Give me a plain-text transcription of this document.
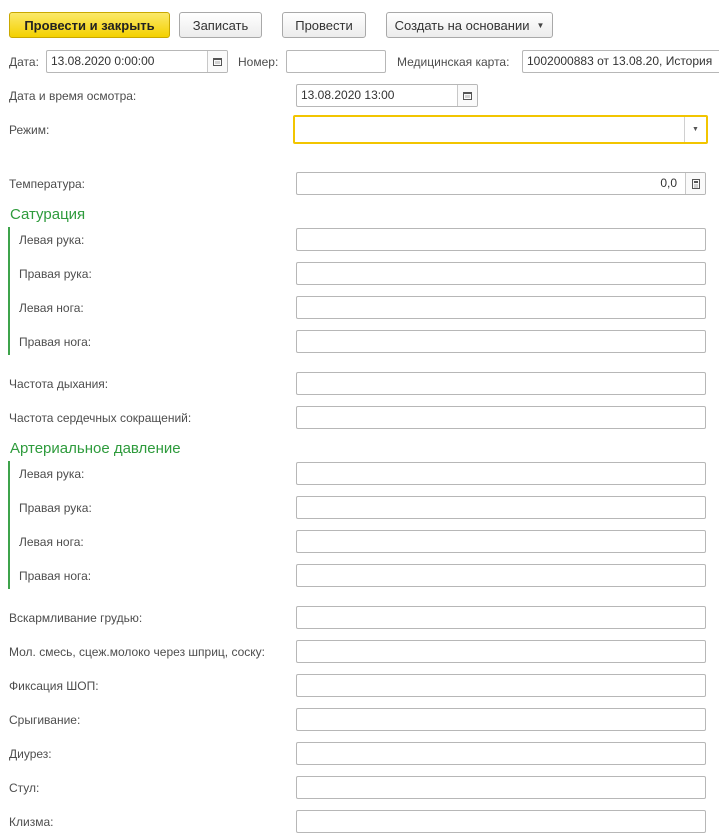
Провести и закрыть	Записать	Провести	Создать на основании ▼
Дата: 13.08.2020 0:00:00	Номер:	Медицинская карта: 1002000883 от 13.08.20, История
Дата и время осмотра:	13.08.2020 13:00
Режим:	▼
Температура:	0,0
Сатурация
Левая рука:
Правая рука:
Левая нога:
Правая нога:
Частота дыхания:
Частота сердечных сокращений:
Артериальное давление
Левая рука:
Правая рука:
Левая нога:
Правая нога:
Вскармливание грудью:
Мол. смесь, сцеж.молоко через шприц, соску:
Фиксация ШОП:
Срыгивание:
Диурез:
Стул:
Клизма:
